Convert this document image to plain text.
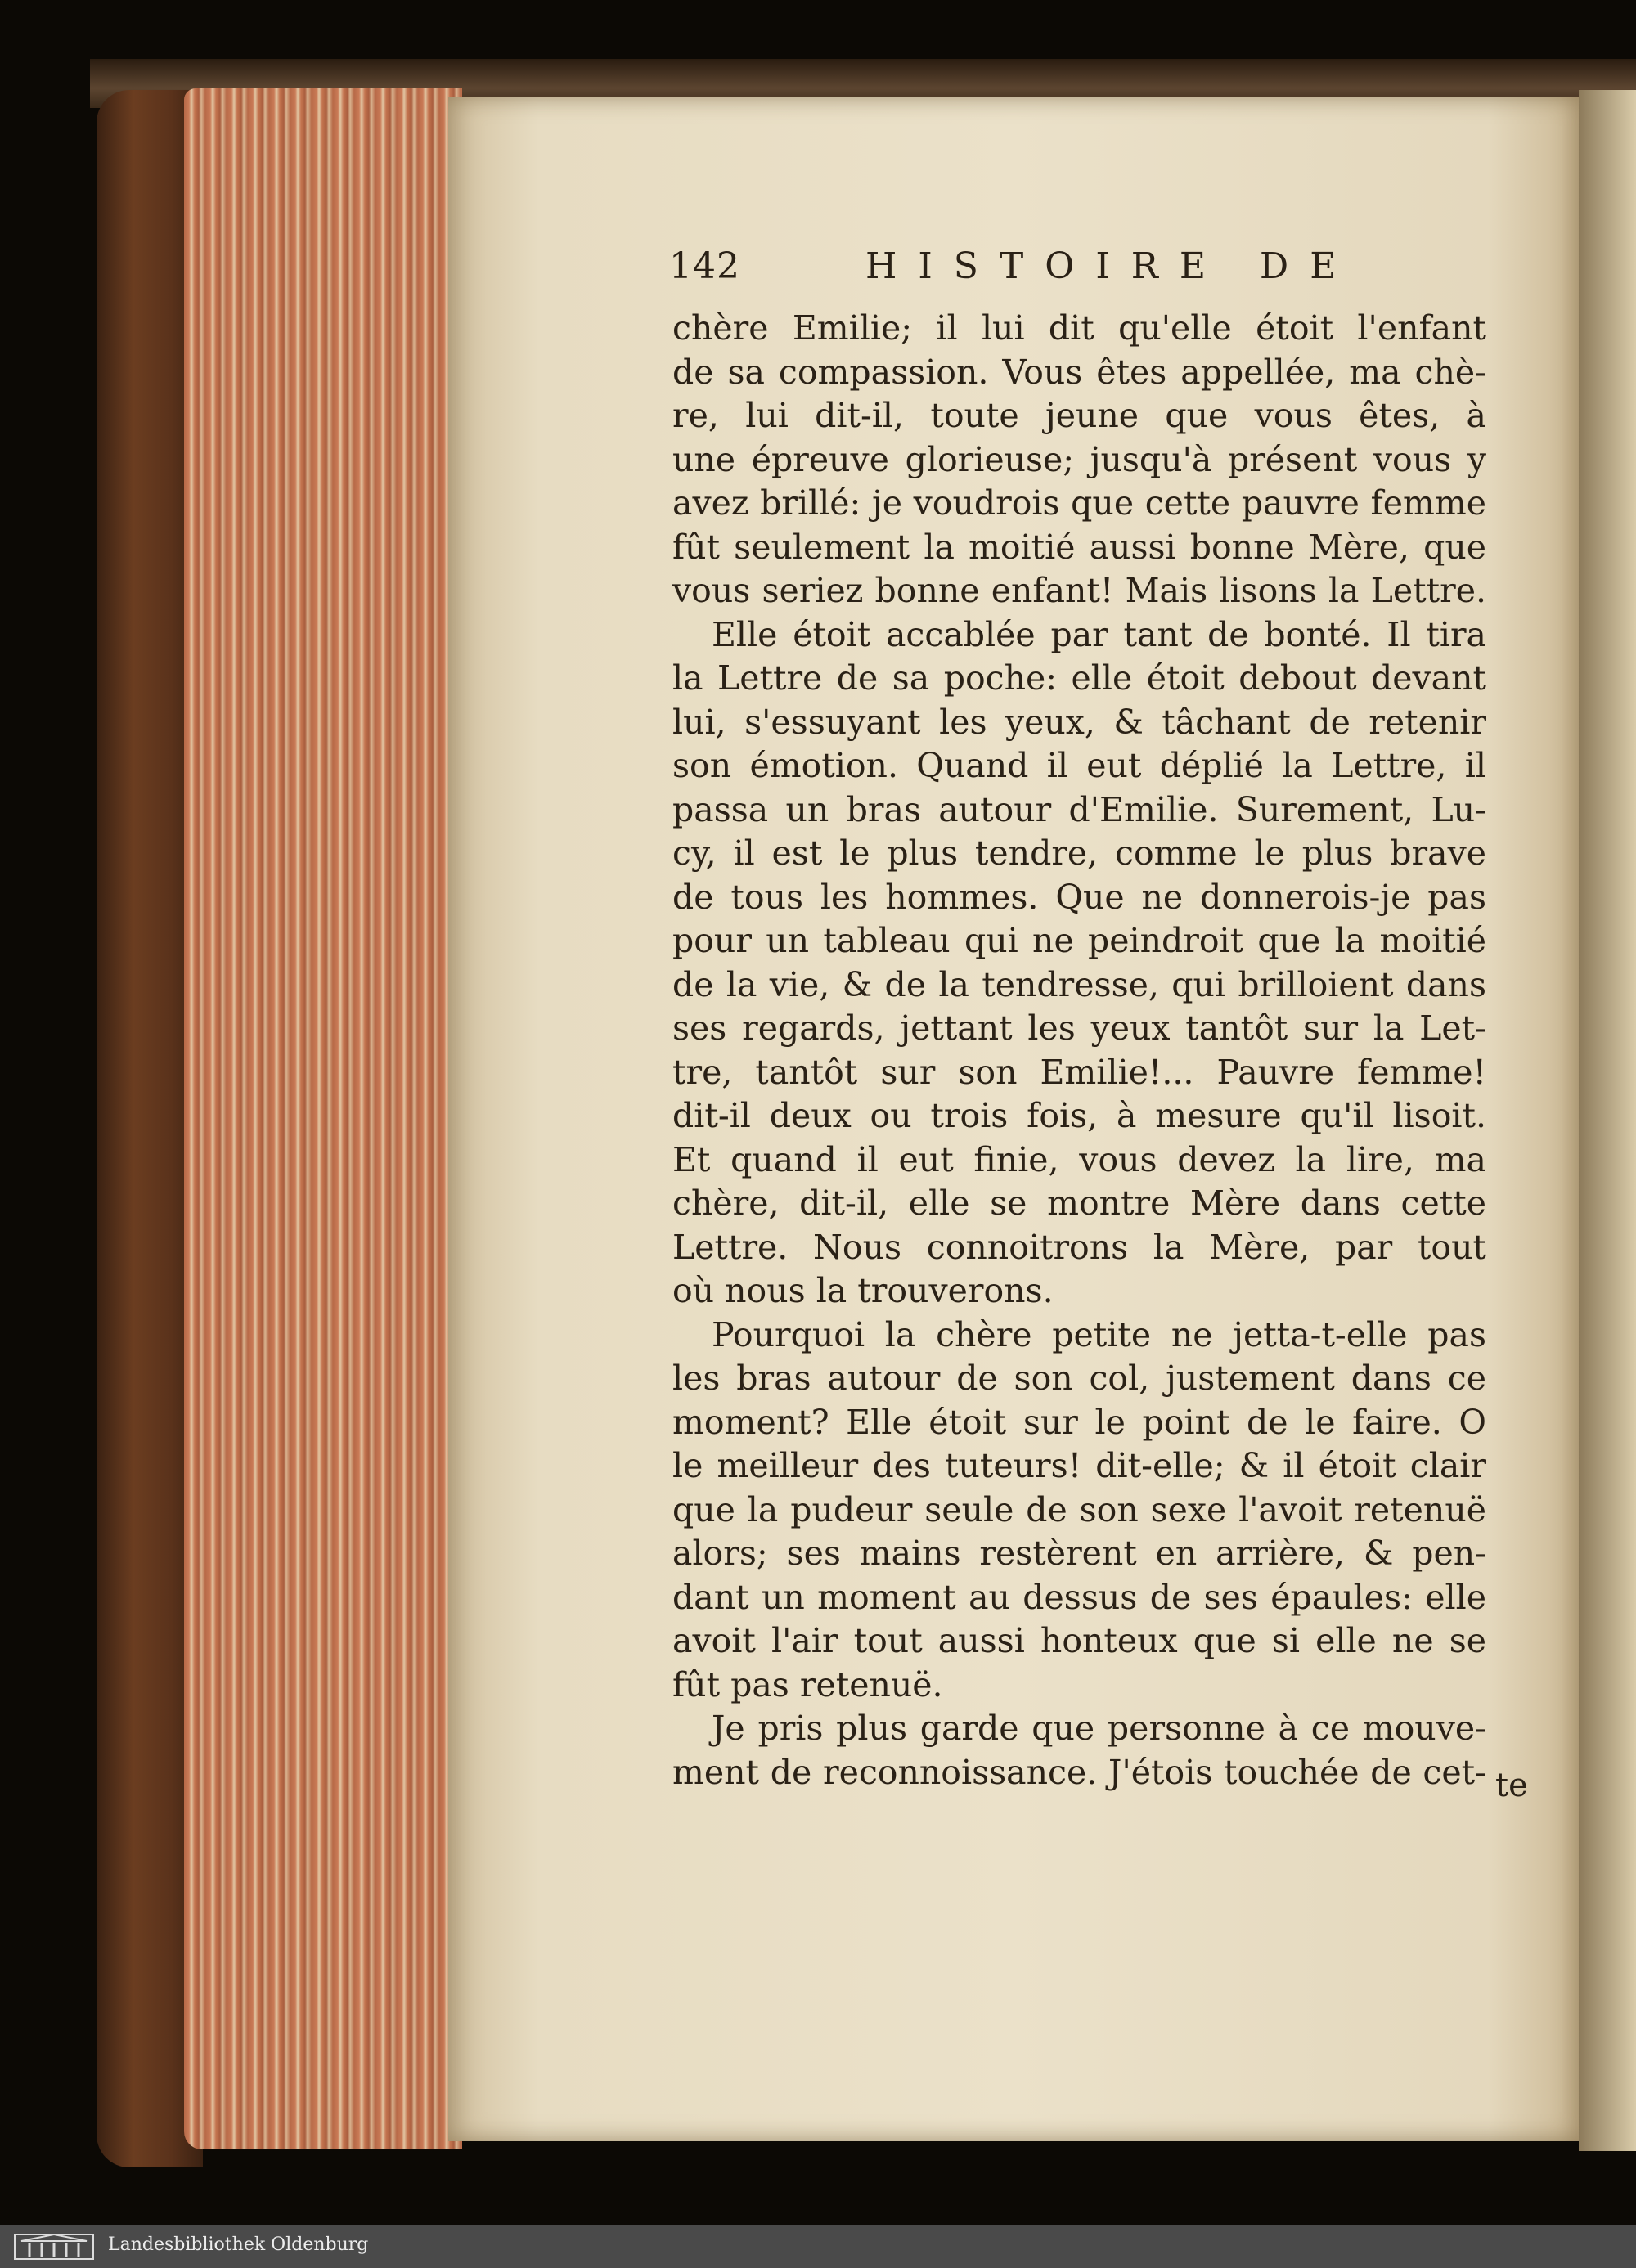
142	HISTOIRE DE
chère Emilie; il lui dit qu'elle étoit l'enfant
de sa compassion. Vous êtes appellée, ma chè-
re, lui dit-il, toute jeune que vous êtes, à
une épreuve glorieuse; jusqu'à présent vous y
avez brillé: je voudrois que cette pauvre femme
fût seulement la moitié aussi bonne Mère, que
vous seriez bonne enfant! Mais lisons la Lettre.
Elle étoit accablée par tant de bonté. Il tira
la Lettre de sa poche: elle étoit debout devant
lui, s'essuyant les yeux, & tâchant de retenir
son émotion. Quand il eut déplié la Lettre, il
passa un bras autour d'Emilie. Surement, Lu-
cy, il est le plus tendre, comme le plus brave
de tous les hommes. Que ne donnerois-je pas
pour un tableau qui ne peindroit que la moitié
de la vie, & de la tendresse, qui brilloient dans
ses regards, jettant les yeux tantôt sur la Let-
tre, tantôt sur son Emilie!... Pauvre femme!
dit-il deux ou trois fois, à mesure qu'il lisoit.
Et quand il eut finie, vous devez la lire, ma
chère, dit-il, elle se montre Mère dans cette
Lettre. Nous connoitrons la Mère, par tout
où nous la trouverons.
Pourquoi la chère petite ne jetta-t-elle pas
les bras autour de son col, justement dans ce
moment? Elle étoit sur le point de le faire. O
le meilleur des tuteurs! dit-elle; & il étoit clair
que la pudeur seule de son sexe l'avoit retenuë
alors; ses mains restèrent en arrière, & pen-
dant un moment au dessus de ses épaules: elle
avoit l'air tout aussi honteux que si elle ne se
fût pas retenuë.
Je pris plus garde que personne à ce mouve-
ment de reconnoissance. J'étois touchée de cet- te
Landesbibliothek Oldenburg
